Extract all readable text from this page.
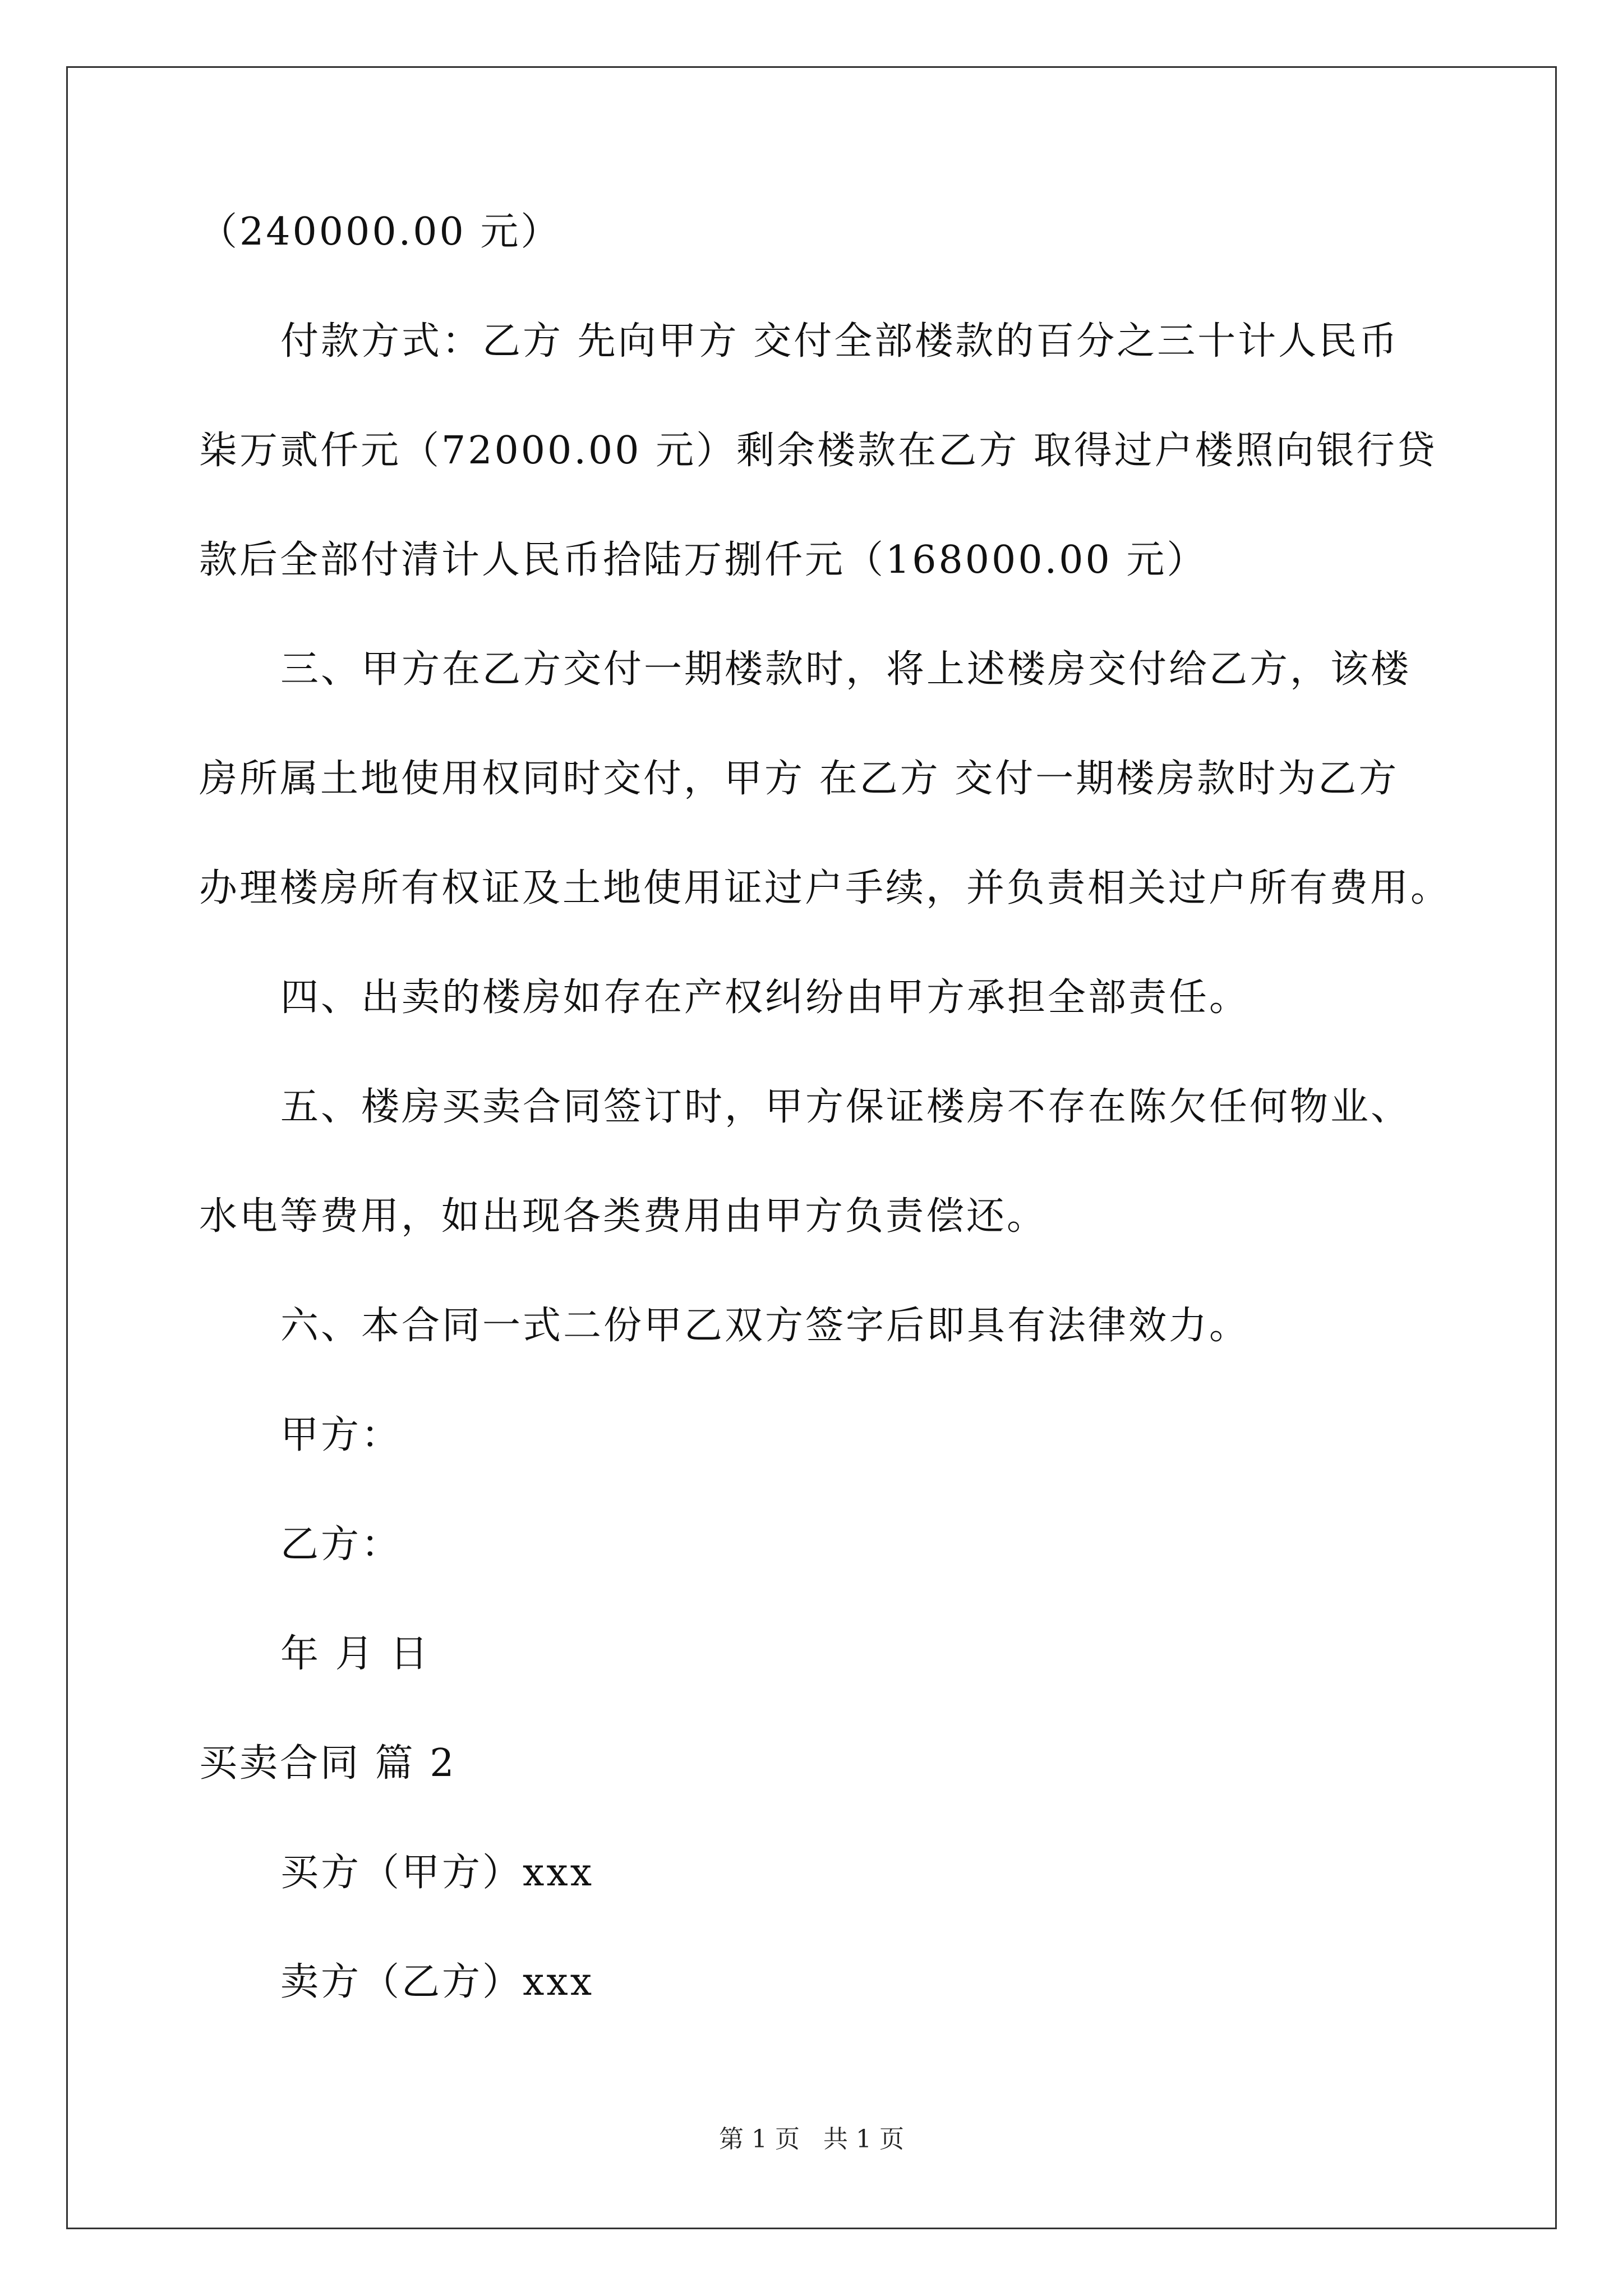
（240000.00 元）
付款方式：乙方 先向甲方 交付全部楼款的百分之三十计人民币
柒万贰仟元（72000.00 元）剩余楼款在乙方 取得过户楼照向银行贷
款后全部付清计人民币拾陆万捌仟元（168000.00 元）
三、甲方在乙方交付一期楼款时，将上述楼房交付给乙方，该楼
房所属土地使用权同时交付，甲方 在乙方 交付一期楼房款时为乙方
办理楼房所有权证及土地使用证过户手续，并负责相关过户所有费用。
四、出卖的楼房如存在产权纠纷由甲方承担全部责任。
五、楼房买卖合同签订时，甲方保证楼房不存在陈欠任何物业、
水电等费用，如出现各类费用由甲方负责偿还。
六、本合同一式二份甲乙双方签字后即具有法律效力。
甲方：
乙方：
年 月 日
买卖合同 篇 2
买方（甲方）xxx
卖方（乙方）xxx
第 1 页   共 1 页
